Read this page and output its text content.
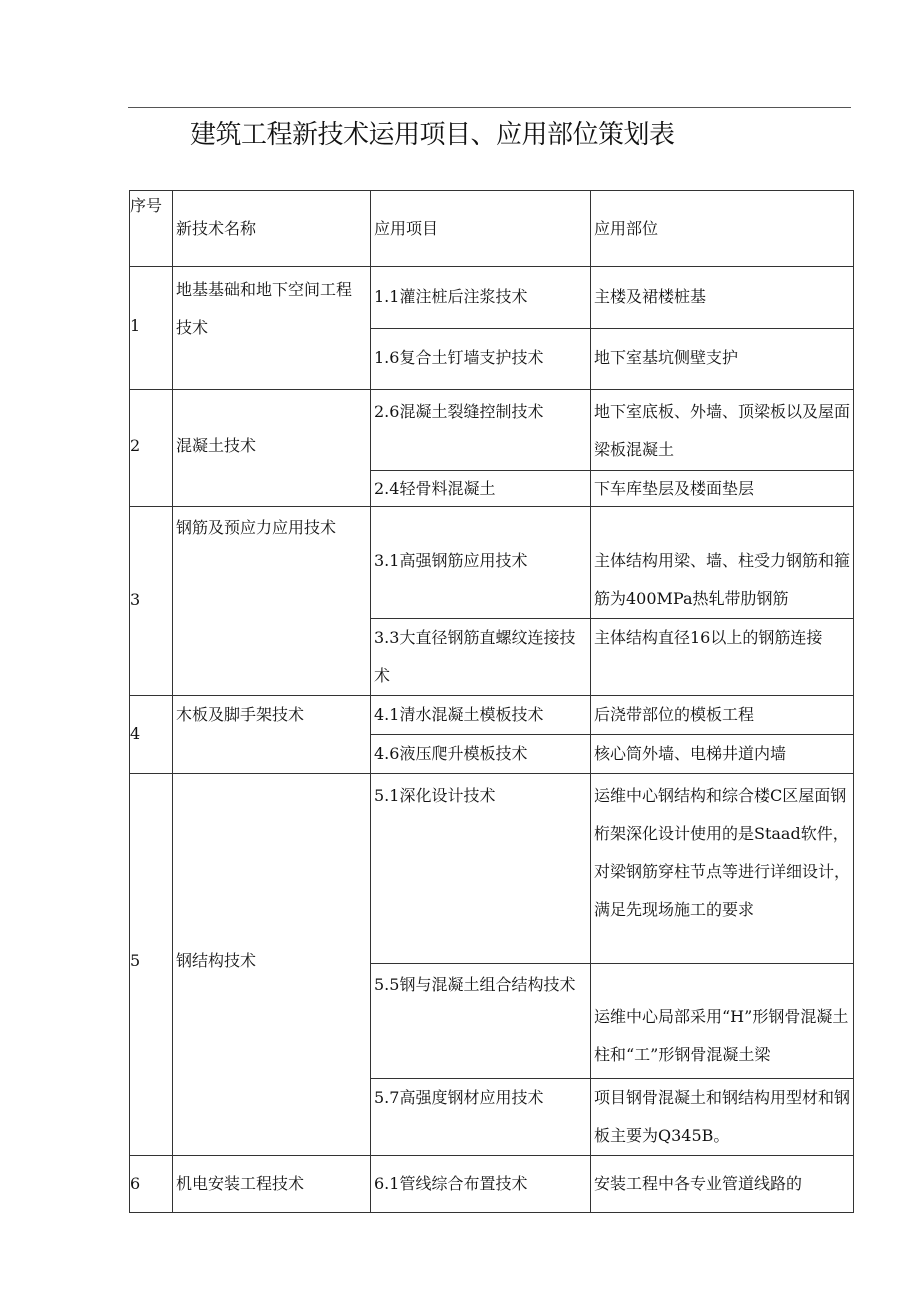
建筑工程新技术运用项目、应用部位策划表
序号	新技术名称	应用项目	应用部位

1	地基基础和地下空间工程技术	1.1灌注桩后注浆技术	主楼及裙楼桩基

		1.6复合土钉墙支护技术	地下室基坑侧壁支护

2	混凝土技术	2.6混凝土裂缝控制技术	地下室底板、外墙、顶梁板以及屋面梁板混凝土

		2.4轻骨料混凝土	下车库垫层及楼面垫层

3	钢筋及预应力应用技术	3.1高强钢筋应用技术	主体结构用梁、墙、柱受力钢筋和箍筋为400MPa热轧带肋钢筋

		3.3大直径钢筋直螺纹连接技术	主体结构直径16以上的钢筋连接

4	木板及脚手架技术	4.1清水混凝土模板技术	后浇带部位的模板工程

		4.6液压爬升模板技术	核心筒外墙、电梯井道内墙

5	钢结构技术	5.1深化设计技术	运维中心钢结构和综合楼C区屋面钢桁架深化设计使用的是Staad软件，对梁钢筋穿柱节点等进行详细设计，满足先现场施工的要求

		5.5钢与混凝土组合结构技术	运维中心局部采用“H”形钢骨混凝土柱和“工”形钢骨混凝土梁

		5.7高强度钢材应用技术	项目钢骨混凝土和钢结构用型材和钢板主要为Q345B。

6	机电安装工程技术	6.1管线综合布置技术	安装工程中各专业管道线路的
